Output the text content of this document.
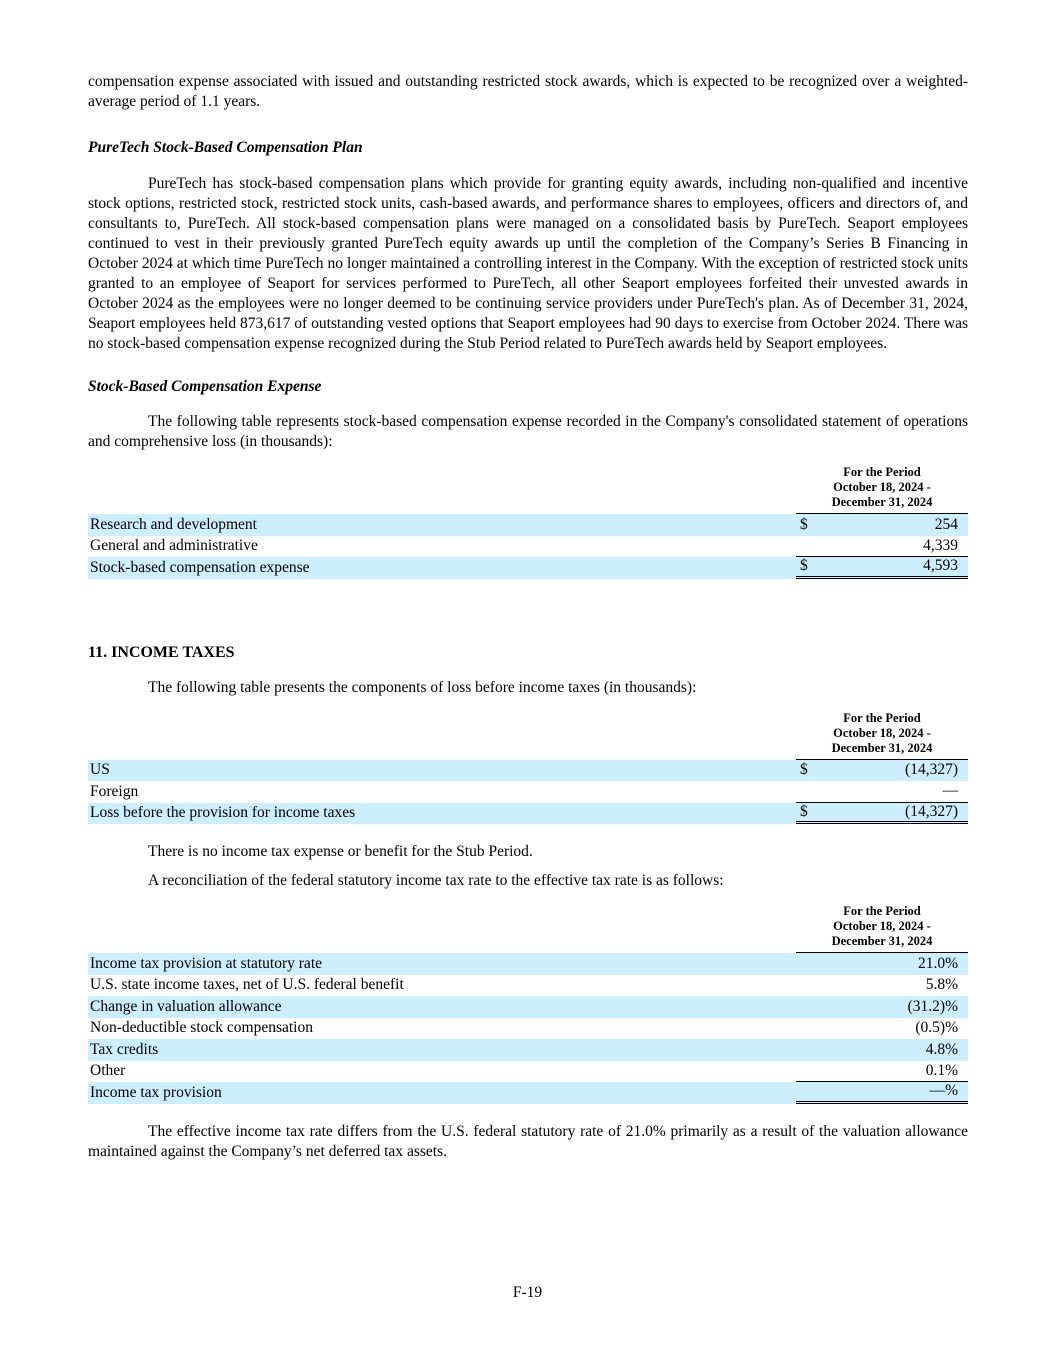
compensation expense associated with issued and outstanding restricted stock awards, which is expected to be recognized over a weighted-average period of 1.1 years.

PureTech Stock-Based Compensation Plan

PureTech has stock-based compensation plans which provide for granting equity awards, including non-qualified and incentive stock options, restricted stock, restricted stock units, cash-based awards, and performance shares to employees, officers and directors of, and consultants to, PureTech. All stock-based compensation plans were managed on a consolidated basis by PureTech. Seaport employees continued to vest in their previously granted PureTech equity awards up until the completion of the Company’s Series B Financing in October 2024 at which time PureTech no longer maintained a controlling interest in the Company. With the exception of restricted stock units granted to an employee of Seaport for services performed to PureTech, all other Seaport employees forfeited their unvested awards in October 2024 as the employees were no longer deemed to be continuing service providers under PureTech's plan. As of December 31, 2024, Seaport employees held 873,617 of outstanding vested options that Seaport employees had 90 days to exercise from October 2024. There was no stock-based compensation expense recognized during the Stub Period related to PureTech awards held by Seaport employees.

Stock-Based Compensation Expense

The following table represents stock-based compensation expense recorded in the Company's consolidated statement of operations and comprehensive loss (in thousands):

For the Period
October 18, 2024 -
December 31, 2024
Research and development	$	254
General and administrative	4,339
Stock-based compensation expense	$	4,593
11. INCOME TAXES

The following table presents the components of loss before income taxes (in thousands):

For the Period
October 18, 2024 -
December 31, 2024
US	$	(14,327)
Foreign	—
Loss before the provision for income taxes	$	(14,327)

There is no income tax expense or benefit for the Stub Period.

A reconciliation of the federal statutory income tax rate to the effective tax rate is as follows:

For the Period
October 18, 2024 -
December 31, 2024
Income tax provision at statutory rate	21.0%
U.S. state income taxes, net of U.S. federal benefit	5.8%
Change in valuation allowance	(31.2)%
Non-deductible stock compensation	(0.5)%
Tax credits	4.8%
Other	0.1%
Income tax provision	—%

The effective income tax rate differs from the U.S. federal statutory rate of 21.0% primarily as a result of the valuation allowance maintained against the Company’s net deferred tax assets.

F-19
